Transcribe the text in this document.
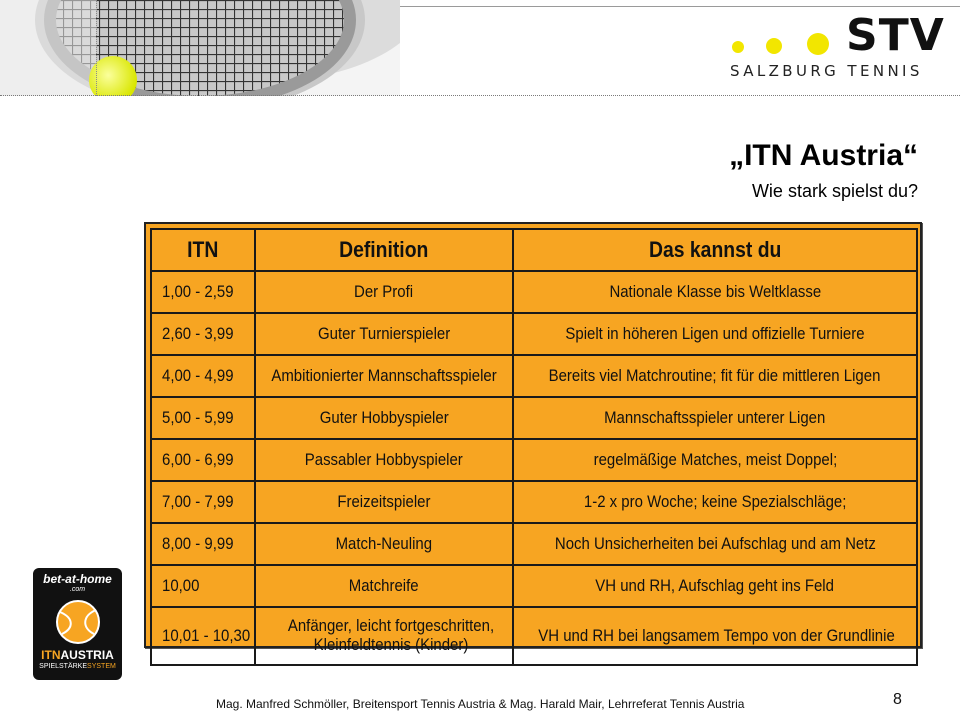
STV
SALZBURG TENNIS
„ITN Austria“
Wie stark spielst du?
ITN	Definition	Das kannst du
1,00 - 2,59	Der Profi	Nationale Klasse bis Weltklasse
2,60 - 3,99	Guter Turnierspieler	Spielt in höheren Ligen und offizielle Turniere
4,00 - 4,99	Ambitionierter Mannschaftsspieler	Bereits viel Matchroutine; fit für die mittleren Ligen
5,00 - 5,99	Guter Hobbyspieler	Mannschaftsspieler unterer Ligen
6,00 - 6,99	Passabler Hobbyspieler	regelmäßige Matches, meist Doppel;
7,00 - 7,99	Freizeitspieler	1-2 x pro Woche; keine Spezialschläge;
8,00 - 9,99	Match-Neuling	Noch Unsicherheiten bei Aufschlag und am Netz
10,00	Matchreife	VH und RH, Aufschlag geht ins Feld
10,01 - 10,30	Anfänger, leicht fortgeschritten, Kleinfeldtennis (Kinder)	VH und RH bei langsamem Tempo von der Grundlinie
bet-at-home
.com
ITNAUSTRIA
SPIELSTÄRKESYSTEM
Mag. Manfred Schmöller, Breitensport Tennis Austria & Mag. Harald Mair, Lehrreferat Tennis Austria	8
